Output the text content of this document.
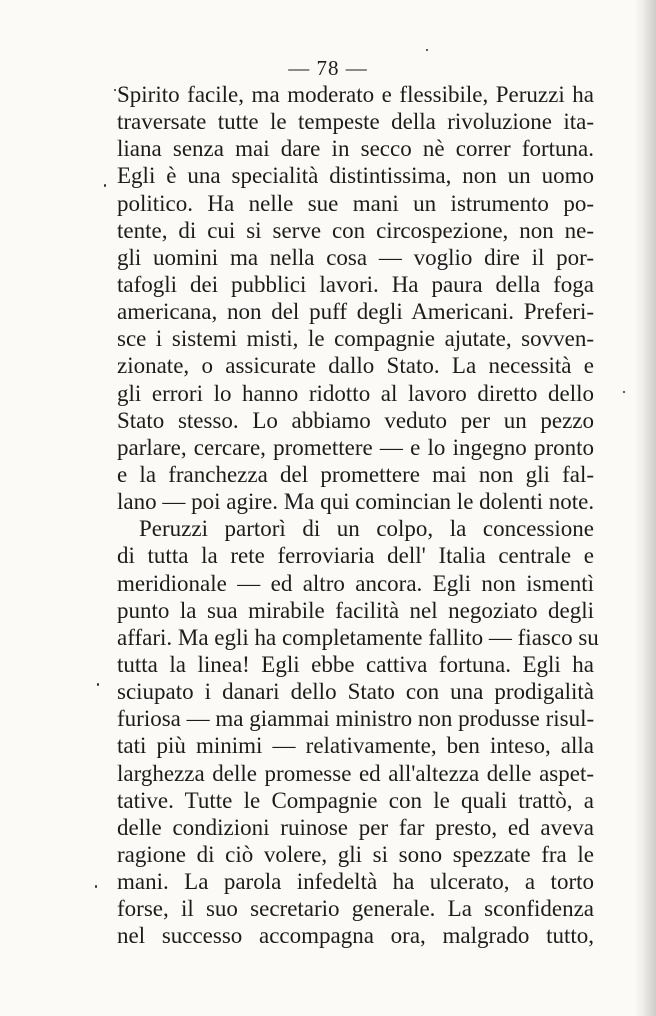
— 78 —
Spirito facile, ma moderato e flessibile, Peruzzi ha
traversate tutte le tempeste della rivoluzione ita-
liana senza mai dare in secco nè correr fortuna.
Egli è una specialità distintissima, non un uomo
politico. Ha nelle sue mani un istrumento po-
tente, di cui si serve con circospezione, non ne-
gli uomini ma nella cosa — voglio dire il por-
tafogli dei pubblici lavori. Ha paura della foga
americana, non del puff degli Americani. Preferi-
sce i sistemi misti, le compagnie ajutate, sovven-
zionate, o assicurate dallo Stato. La necessità e
gli errori lo hanno ridotto al lavoro diretto dello
Stato stesso. Lo abbiamo veduto per un pezzo
parlare, cercare, promettere — e lo ingegno pronto
e la franchezza del promettere mai non gli fal-
lano — poi agire. Ma qui comincian le dolenti note.
Peruzzi partorì di un colpo, la concessione
di tutta la rete ferroviaria dell' Italia centrale e
meridionale — ed altro ancora. Egli non ismentì
punto la sua mirabile facilità nel negoziato degli
affari. Ma egli ha completamente fallito — fiasco su
tutta la linea! Egli ebbe cattiva fortuna. Egli ha
sciupato i danari dello Stato con una prodigalità
furiosa — ma giammai ministro non produsse risul-
tati più minimi — relativamente, ben inteso, alla
larghezza delle promesse ed all'altezza delle aspet-
tative. Tutte le Compagnie con le quali trattò, a
delle condizioni ruinose per far presto, ed aveva
ragione di ciò volere, gli si sono spezzate fra le
mani. La parola infedeltà ha ulcerato, a torto
forse, il suo secretario generale. La sconfidenza
nel successo accompagna ora, malgrado tutto,
